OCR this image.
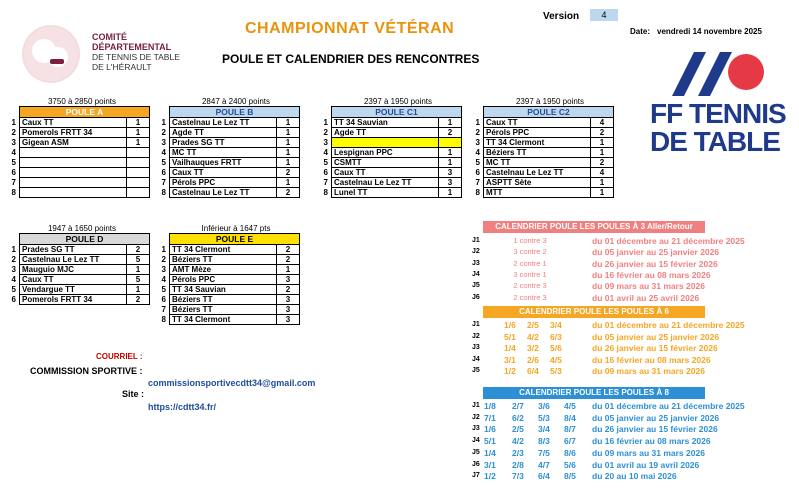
COMITÉ
DÉPARTEMENTAL
DE TENNIS DE TABLE
DE L'HÉRAULT
CHAMPIONNAT VÉTÉRAN
POULE ET CALENDRIER DES RENCONTRES
Version	4
Date: vendredi 14 novembre 2025
FF TENNIS
DE TABLE
3750 à 2850 points
	POULE A	
1	Caux TT	1
2	Pomerols FRTT 34	1
3	Gigean ASM	1
4		
5		
6		
7		
8		
2847 à 2400 points
	POULE B	
1	Castelnau Le Lez TT	1
2	Agde TT	1
3	Prades SG TT	1
4	MC TT	1
5	Vailhauques FRTT	1
6	Caux TT	2
7	Pérols PPC	1
8	Castelnau Le Lez TT	2
2397 à 1950 points
	POULE C1	
1	TT 34 Sauvian	1
2	Agde TT	2
3		
4	Lespignan PPC	1
5	CSMTT	1
6	Caux TT	3
7	Castelnau Le Lez TT	3
8	Lunel TT	1
2397 à 1950 points
	POULE C2	
1	Caux TT	4
2	Pérols PPC	2
3	TT 34 Clermont	1
4	Béziers TT	1
5	MC TT	2
6	Castelnau Le Lez TT	4
7	ASPTT Sète	1
8	MTT	1
1947 à 1650 points
	POULE D	
1	Prades SG TT	2
2	Castelnau Le Lez TT	5
3	Mauguio MJC	1
4	Caux TT	5
5	Vendargue TT	1
6	Pomerols FRTT 34	2
Inférieur à 1647 pts
	POULE E	
1	TT 34 Clermont	2
2	Béziers TT	2
3	AMT Mèze	1
4	Pérols PPC	3
5	TT 34 Sauvian	2
6	Béziers TT	3
7	Béziers TT	3
8	TT 34 Clermont	3
CALENDRIER POULE LES POULES À 3 Aller/Retour
J1	1 contre 3	du 01 décembre au 21 décembre 2025
J2	3 contre 2	du 05 janvier au 25 janvier 2026
J3	2 contre 1	du 26 janvier au 15 février 2026
J4	3 contre 1	du 16 février au 08 mars 2026
J5	2 contre 3	du 09 mars au 31 mars 2026
J6	2 contre 3	du 01 avril au 25 avril 2026
CALENDRIER POULE LES POULES À 6
J1	1/6 2/5 3/4	du 01 décembre au 21 décembre 2025
J2	5/1 4/2 6/3	du 05 janvier au 25 janvier 2026
J3	1/4 3/2 5/6	du 26 janvier au 15 février 2026
J4	3/1 2/6 4/5	du 16 février au 08 mars 2026
J5	1/2 6/4 5/3	du 09 mars au 31 mars 2026
CALENDRIER POULE LES POULES À 8
J1 1/8 2/7 3/6 4/5 du 01 décembre au 21 décembre 2025
J2 7/1 6/2 5/3 8/4 du 05 janvier au 25 janvier 2026
J3 1/6 2/5 3/4 8/7 du 26 janvier au 15 février 2026
J4 5/1 4/2 8/3 6/7 du 16 février au 08 mars 2026
J5 1/4 2/3 7/5 8/6 du 09 mars au 31 mars 2026
J6 3/1 2/8 4/7 5/6 du 01 avril au 19 avril 2026
J7 1/2 7/3 6/4 8/5 du 20 au 10 mai 2026
COURRIEL :
COMMISSION SPORTIVE :
commissionsportivecdtt34@gmail.com
Site :
https://cdtt34.fr/
